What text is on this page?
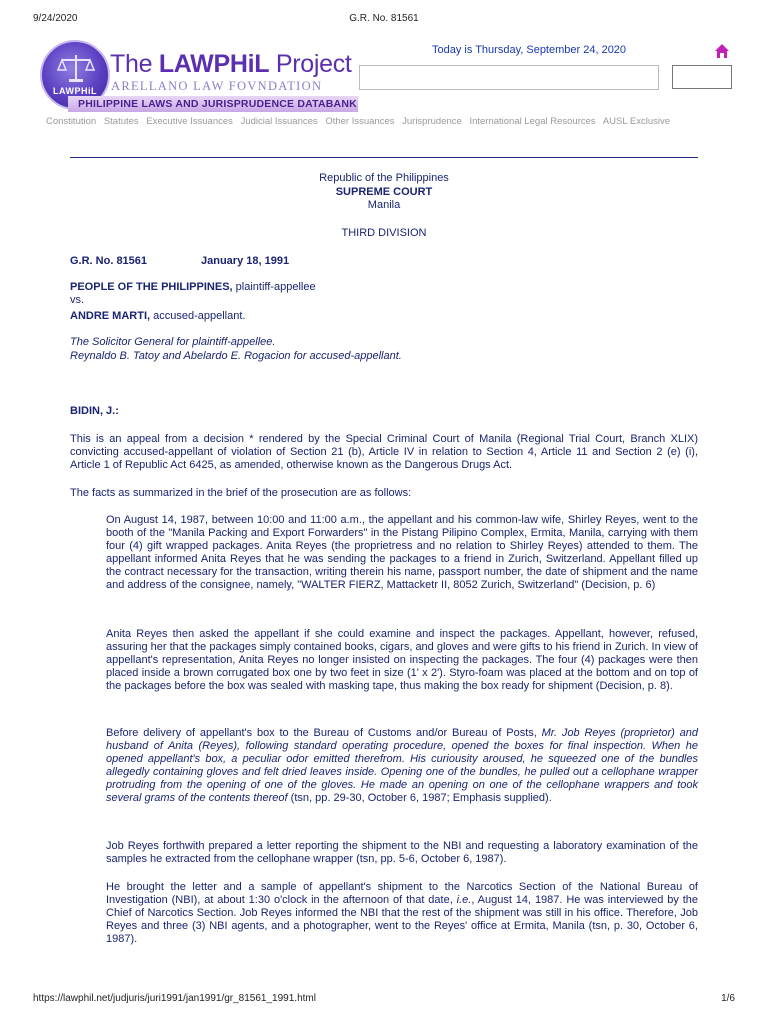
9/24/2020	G.R. No. 81561
LAWPHiL
The LAWPHiL Project
ARELLANO LAW FOVNDATION
PHILIPPINE LAWS AND JURISPRUDENCE DATABANK
Today is Thursday, September 24, 2020
Constitution Statutes Executive Issuances Judicial Issuances Other Issuances Jurisprudence International Legal Resources AUSL Exclusive
Republic of the Philippines
SUPREME COURT
Manila
THIRD DIVISION
G.R. No. 81561	January 18, 1991
PEOPLE OF THE PHILIPPINES, plaintiff-appellee
vs.
ANDRE MARTI, accused-appellant.
The Solicitor General for plaintiff-appellee.
Reynaldo B. Tatoy and Abelardo E. Rogacion for accused-appellant.
BIDIN, J.:
This is an appeal from a decision * rendered by the Special Criminal Court of Manila (Regional Trial Court, Branch XLIX) convicting accused-appellant of violation of Section 21 (b), Article IV in relation to Section 4, Article 11 and Section 2 (e) (i), Article 1 of Republic Act 6425, as amended, otherwise known as the Dangerous Drugs Act.
The facts as summarized in the brief of the prosecution are as follows:
On August 14, 1987, between 10:00 and 11:00 a.m., the appellant and his common-law wife, Shirley Reyes, went to the booth of the "Manila Packing and Export Forwarders" in the Pistang Pilipino Complex, Ermita, Manila, carrying with them four (4) gift wrapped packages. Anita Reyes (the proprietress and no relation to Shirley Reyes) attended to them. The appellant informed Anita Reyes that he was sending the packages to a friend in Zurich, Switzerland. Appellant filled up the contract necessary for the transaction, writing therein his name, passport number, the date of shipment and the name and address of the consignee, namely, "WALTER FIERZ, Mattacketr II, 8052 Zurich, Switzerland" (Decision, p. 6)
Anita Reyes then asked the appellant if she could examine and inspect the packages. Appellant, however, refused, assuring her that the packages simply contained books, cigars, and gloves and were gifts to his friend in Zurich. In view of appellant's representation, Anita Reyes no longer insisted on inspecting the packages. The four (4) packages were then placed inside a brown corrugated box one by two feet in size (1' x 2'). Styro-foam was placed at the bottom and on top of the packages before the box was sealed with masking tape, thus making the box ready for shipment (Decision, p. 8).
Before delivery of appellant's box to the Bureau of Customs and/or Bureau of Posts, Mr. Job Reyes (proprietor) and husband of Anita (Reyes), following standard operating procedure, opened the boxes for final inspection. When he opened appellant's box, a peculiar odor emitted therefrom. His curiousity aroused, he squeezed one of the bundles allegedly containing gloves and felt dried leaves inside. Opening one of the bundles, he pulled out a cellophane wrapper protruding from the opening of one of the gloves. He made an opening on one of the cellophane wrappers and took several grams of the contents thereof (tsn, pp. 29-30, October 6, 1987; Emphasis supplied).
Job Reyes forthwith prepared a letter reporting the shipment to the NBI and requesting a laboratory examination of the samples he extracted from the cellophane wrapper (tsn, pp. 5-6, October 6, 1987).
He brought the letter and a sample of appellant's shipment to the Narcotics Section of the National Bureau of Investigation (NBI), at about 1:30 o'clock in the afternoon of that date, i.e., August 14, 1987. He was interviewed by the Chief of Narcotics Section. Job Reyes informed the NBI that the rest of the shipment was still in his office. Therefore, Job Reyes and three (3) NBI agents, and a photographer, went to the Reyes' office at Ermita, Manila (tsn, p. 30, October 6, 1987).
https://lawphil.net/judjuris/juri1991/jan1991/gr_81561_1991.html	1/6
